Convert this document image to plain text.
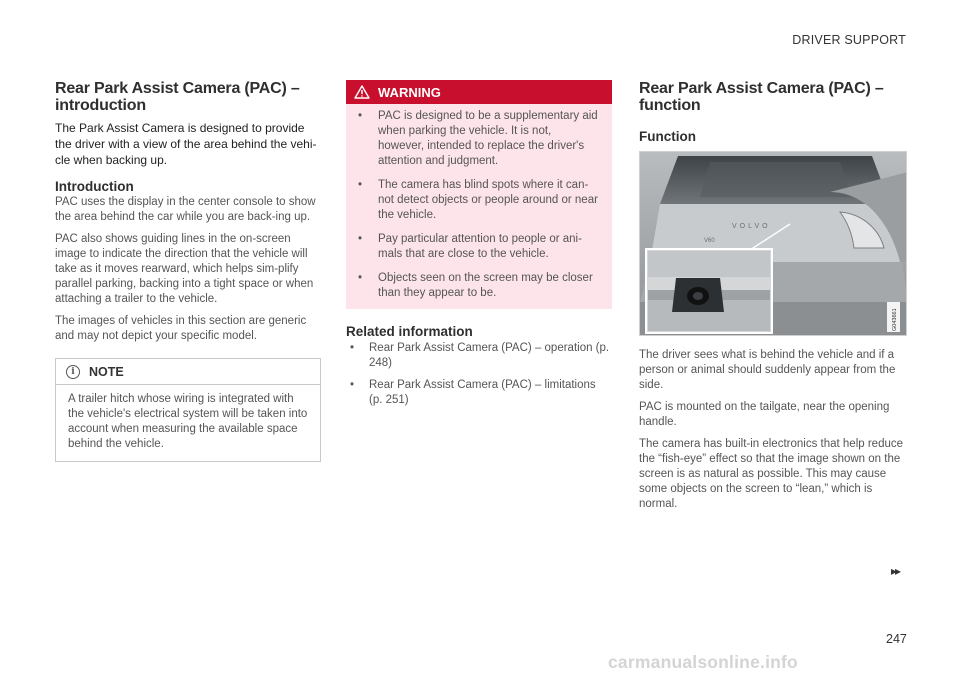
DRIVER SUPPORT
Rear Park Assist Camera (PAC) – introduction

The Park Assist Camera is designed to provide the driver with a view of the area behind the vehi-cle when backing up.

Introduction

PAC uses the display in the center console to show the area behind the car while you are back-ing up.

PAC also shows guiding lines in the on-screen image to indicate the direction that the vehicle will take as it moves rearward, which helps sim-plify parallel parking, backing into a tight space or when attaching a trailer to the vehicle.

The images of vehicles in this section are generic and may not depict your specific model.

i	NOTE
A trailer hitch whose wiring is integrated with the vehicle's electrical system will be taken into account when measuring the available space behind the vehicle.
WARNING
•	PAC is designed to be a supplementary aid when parking the vehicle. It is not, however, intended to replace the driver's attention and judgment.
•	The camera has blind spots where it can-not detect objects or people around or near the vehicle.
•	Pay particular attention to people or ani-mals that are close to the vehicle.
•	Objects seen on the screen may be closer than they appear to be.
Related information
•	Rear Park Assist Camera (PAC) – operation (p. 248)
•	Rear Park Assist Camera (PAC) – limitations (p. 251)
Rear Park Assist Camera (PAC) – function
Function
VOLVO
V60
G043661

The driver sees what is behind the vehicle and if a person or animal should suddenly appear from the side.

PAC is mounted on the tailgate, near the opening handle.

The camera has built-in electronics that help reduce the “fish-eye” effect so that the image shown on the screen is as natural as possible. This may cause some objects on the screen to “lean,” which is normal.

▸▸
247
carmanualsonline.info
